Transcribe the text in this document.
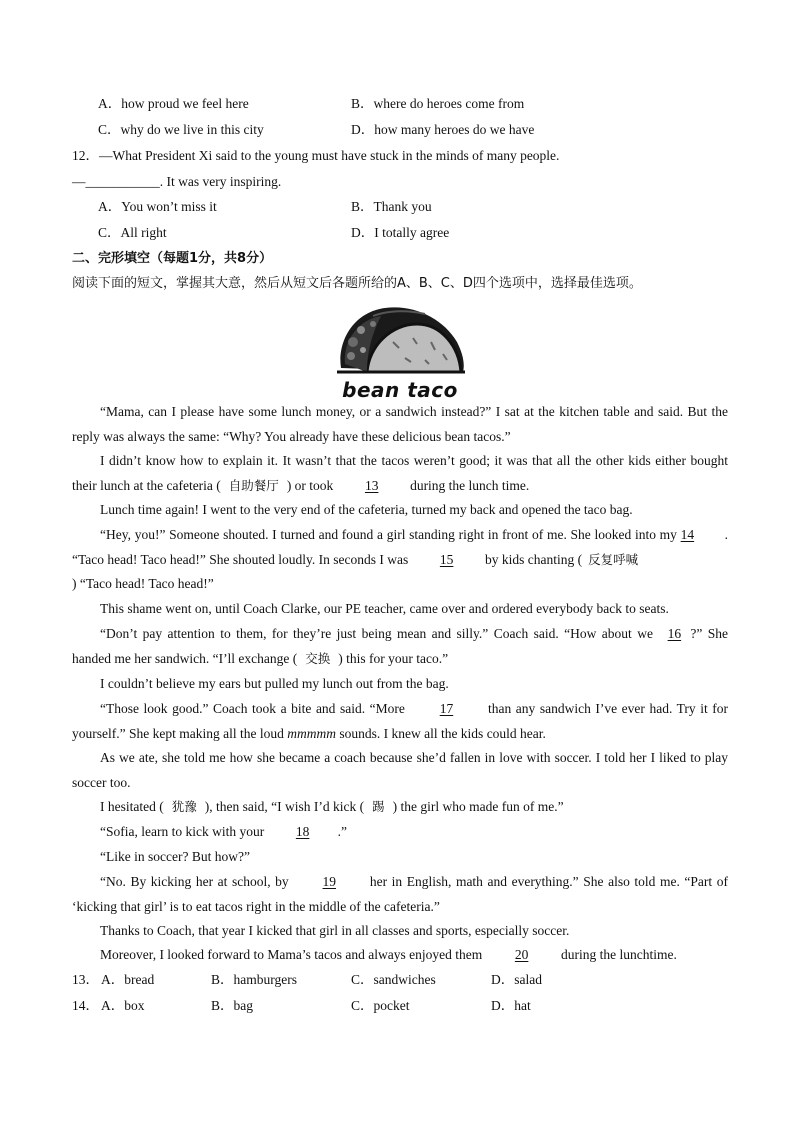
A．how proud we feel here	B．where do heroes come from
C．why do we live in this city	D．how many heroes do we have
12．—What President Xi said to the young must have stuck in the minds of many people.
—___________. It was very inspiring.
A．You won’t miss it	B．Thank you
C．All right	D．I totally agree
二、完形填空（每题1分，共8分）
阅读下面的短文，掌握其大意，然后从短文后各题所给的A、B、C、D四个选项中，选择最佳选项。
bean taco
“Mama, can I please have some lunch money, or a sandwich instead?” I sat at the kitchen table and said. But the reply was always the same: “Why? You already have these delicious bean tacos.”
I didn’t know how to explain it. It wasn’t that the tacos weren’t good; it was that all the other kids either bought their lunch at the cafeteria ( 自助餐厅 ) or took 13 during the lunch time.
Lunch time again! I went to the very end of the cafeteria, turned my back and opened the taco bag.
“Hey, you!” Someone shouted. I turned and found a girl standing right in front of me. She looked into my 14 . “Taco head! Taco head!” She shouted loudly. In seconds I was 15 by kids chanting ( 反复呼喊
) “Taco head! Taco head!”
This shame went on, until Coach Clarke, our PE teacher, came over and ordered everybody back to seats.
“Don’t pay attention to them, for they’re just being mean and silly.” Coach said. “How about we 16 ?” She handed me her sandwich. “I’ll exchange ( 交换 ) this for your taco.”
I couldn’t believe my ears but pulled my lunch out from the bag.
“Those look good.” Coach took a bite and said. “More	17	than any sandwich I’ve ever had. Try it for yourself.” She kept making all the loud mmmmm sounds. I knew all the kids could hear.
As we ate, she told me how she became a coach because she’d fallen in love with soccer. I told her I liked to play soccer too.
I hesitated ( 犹豫 ), then said, “I wish I’d kick ( 踢 ) the girl who made fun of me.”
“Sofia, learn to kick with your 18 .”
“Like in soccer? But how?”
“No. By kicking her at school, by	19	her in English, math and everything.” She also told me. “Part of ‘kicking that girl’ is to eat tacos right in the middle of the cafeteria.”
Thanks to Coach, that year I kicked that girl in all classes and sports, especially soccer.
Moreover, I looked forward to Mama’s tacos and always enjoyed them 20 during the lunchtime.
13． A．bread	B．hamburgers	C．sandwiches	D．salad
14． A．box	B．bag	C．pocket	D．hat
